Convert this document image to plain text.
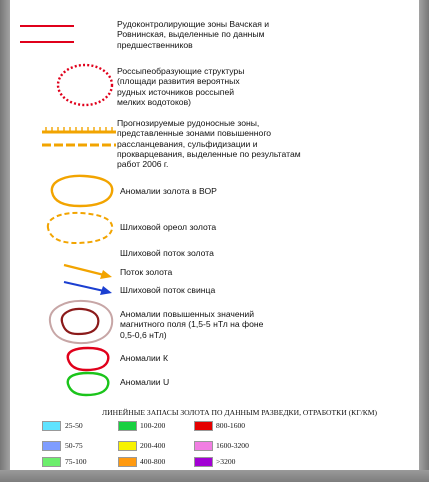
Рудоконтролирующие зоны Вачская и
Ровнинская, выделенные по данным
предшественников
Россыпеобразующие структуры
(площади развития вероятных
рудных источников россыпей
мелких водотоков)
Прогнозируемые рудоносные зоны,
представленные зонами повышенного
рассланцевания, сульфидизации и
прокварцевания, выделенные по результатам
работ 2006 г.
Аномалии золота в ВОР
Шлиховой ореол золота
Шлиховой поток золота
Поток золота
Шлиховой поток свинца
Аномалии повышенных значений
магнитного поля (1,5-5 нТл на фоне
0,5-0,6 нТл)
Аномалии К
Аномалии U
ЛИНЕЙНЫЕ ЗАПАСЫ ЗОЛОТА ПО ДАННЫМ РАЗВЕДКИ, ОТРАБОТКИ (КГ/КМ)
25-50
50-75
75-100
100-200
200-400
400-800
800-1600
1600-3200
>3200
